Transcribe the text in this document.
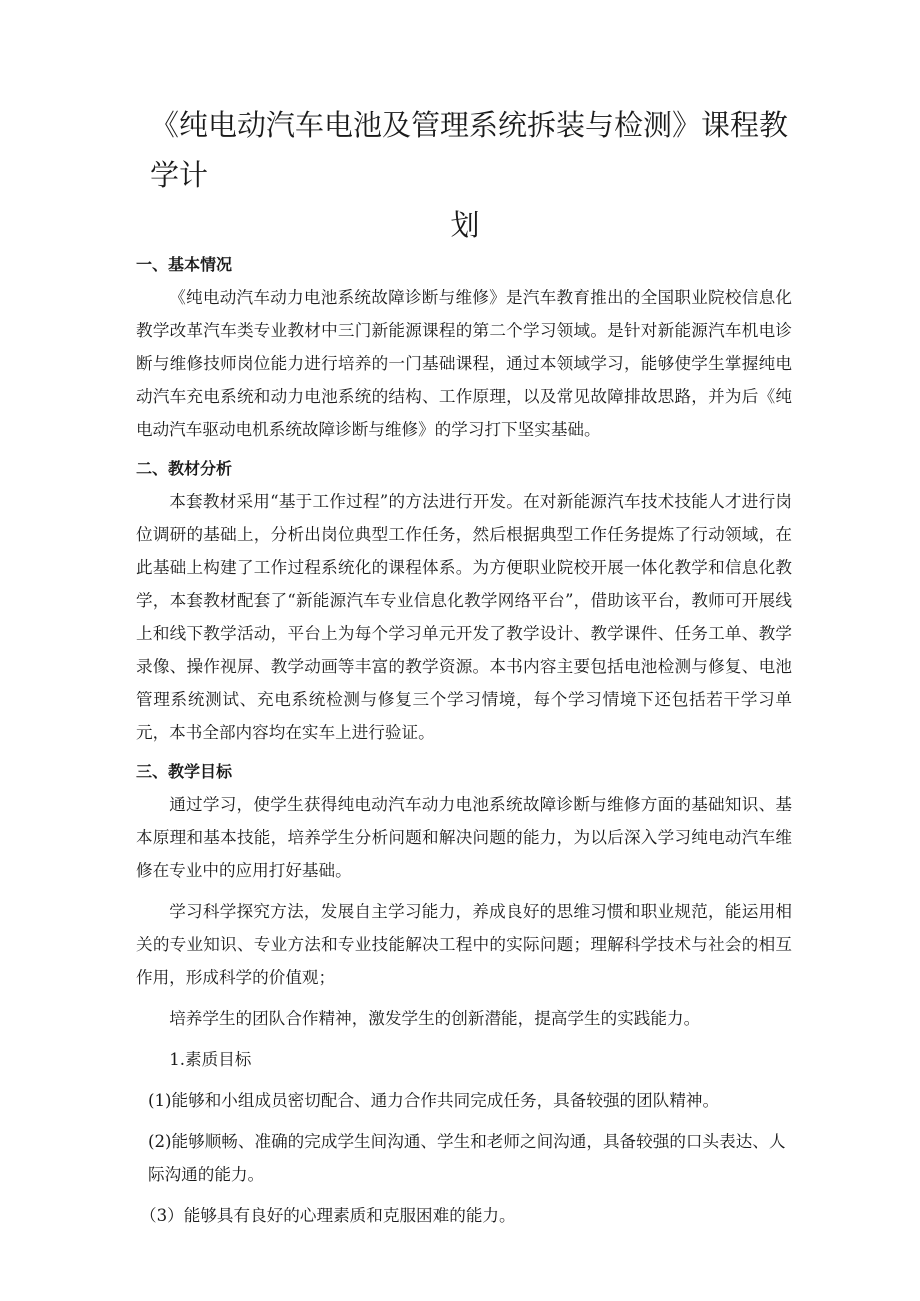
《纯电动汽车电池及管理系统拆装与检测》课程教学计
划

一、基本情况

《纯电动汽车动力电池系统故障诊断与维修》是汽车教育推出的全国职业院校信息化教学改革汽车类专业教材中三门新能源课程的第二个学习领域。是针对新能源汽车机电诊断与维修技师岗位能力进行培养的一门基础课程，通过本领域学习，能够使学生掌握纯电动汽车充电系统和动力电池系统的结构、工作原理，以及常见故障排故思路，并为后《纯电动汽车驱动电机系统故障诊断与维修》的学习打下坚实基础。

二、教材分析

本套教材采用“基于工作过程”的方法进行开发。在对新能源汽车技术技能人才进行岗位调研的基础上，分析出岗位典型工作任务，然后根据典型工作任务提炼了行动领域，在此基础上构建了工作过程系统化的课程体系。为方便职业院校开展一体化教学和信息化教学，本套教材配套了“新能源汽车专业信息化教学网络平台”，借助该平台，教师可开展线上和线下教学活动，平台上为每个学习单元开发了教学设计、教学课件、任务工单、教学录像、操作视屏、教学动画等丰富的教学资源。本书内容主要包括电池检测与修复、电池管理系统测试、充电系统检测与修复三个学习情境，每个学习情境下还包括若干学习单元，本书全部内容均在实车上进行验证。

三、教学目标

通过学习，使学生获得纯电动汽车动力电池系统故障诊断与维修方面的基础知识、基本原理和基本技能，培养学生分析问题和解决问题的能力，为以后深入学习纯电动汽车维修在专业中的应用打好基础。

学习科学探究方法，发展自主学习能力，养成良好的思维习惯和职业规范，能运用相关的专业知识、专业方法和专业技能解决工程中的实际问题；理解科学技术与社会的相互作用，形成科学的价值观；

培养学生的团队合作精神，激发学生的创新潜能，提高学生的实践能力。

1.素质目标

(1)能够和小组成员密切配合、通力合作共同完成任务，具备较强的团队精神。

(2)能够顺畅、准确的完成学生间沟通、学生和老师之间沟通，具备较强的口头表达、人际沟通的能力。

（3）能够具有良好的心理素质和克服困难的能力。
